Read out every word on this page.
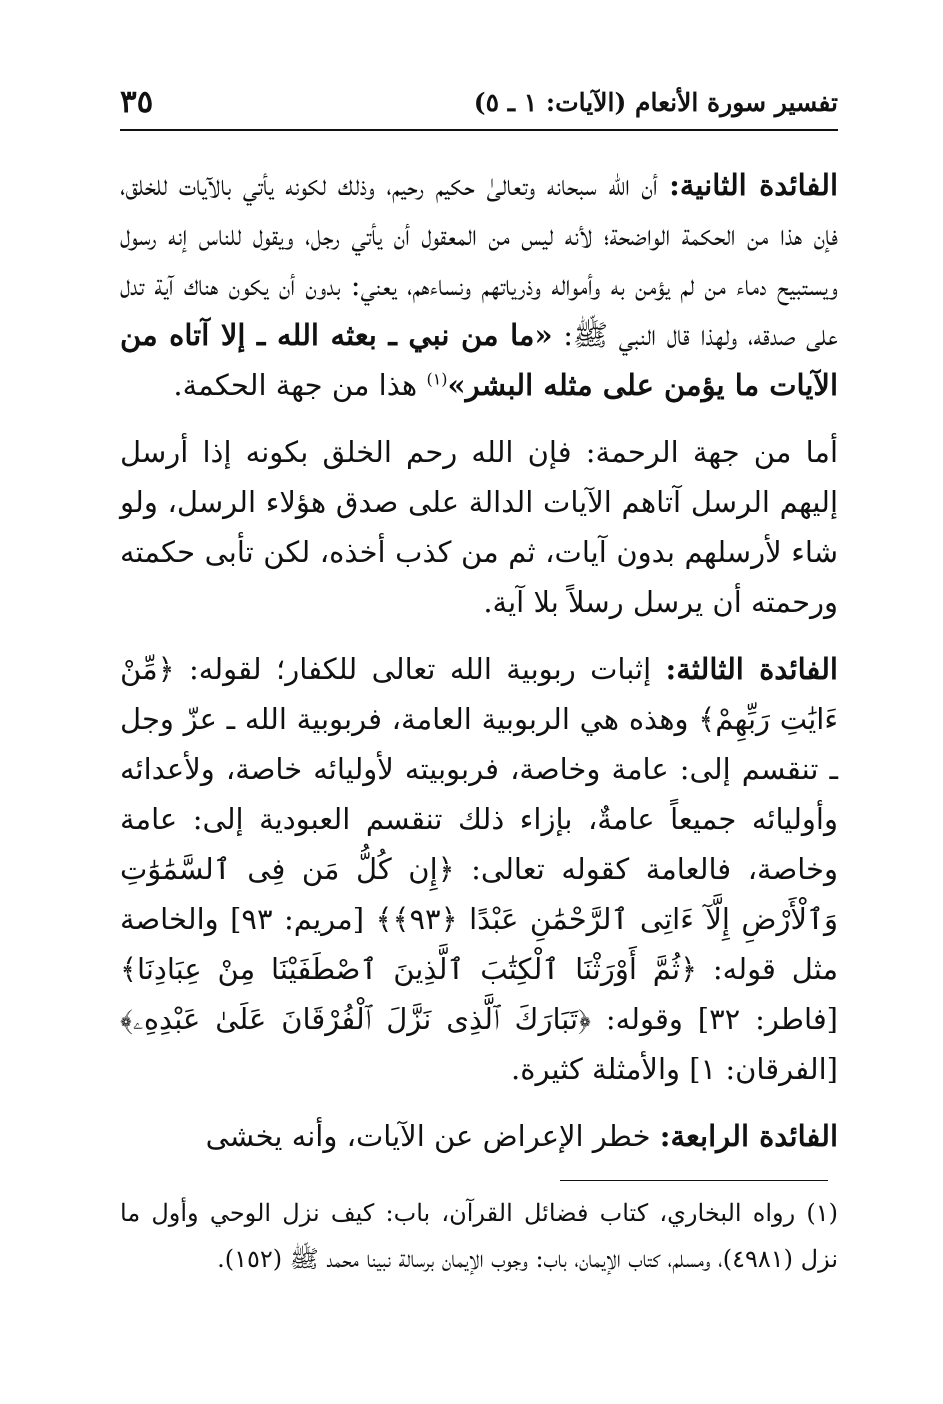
تفسير سورة الأنعام (الآيات: ١ ـ ٥)
٣٥

الفائدة الثانية: أن الله سبحانه وتعالىٰ حكيم رحيم، وذلك لكونه يأتي بالآيات للخلق، فإن هذا من الحكمة الواضحة؛ لأنه ليس من المعقول أن يأتي رجل، ويقول للناس إنه رسول ويستبيح دماء من لم يؤمن به وأمواله وذرياتهم ونساءهم، يعني: بدون أن يكون هناك آية تدل على صدقه، ولهذا قال النبي ﷺ: «ما من نبي ـ بعثه الله ـ إلا آتاه من الآيات ما يؤمن على مثله البشر»$^{(١)}$ هذا من جهة الحكمة.

أما من جهة الرحمة: فإن الله رحم الخلق بكونه إذا أرسل إليهم الرسل آتاهم الآيات الدالة على صدق هؤلاء الرسل، ولو شاء لأرسلهم بدون آيات، ثم من كذب أخذه، لكن تأبى حكمته ورحمته أن يرسل رسلاً بلا آية.

الفائدة الثالثة: إثبات ربوبية الله تعالى للكفار؛ لقوله: ﴿مِّنْ ءَايَٰتِ رَبِّهِمْ﴾ وهذه هي الربوبية العامة، فربوبية الله ـ عزّ وجل ـ تنقسم إلى: عامة وخاصة، فربوبيته لأوليائه خاصة، ولأعدائه وأوليائه جميعاً عامةٌ، بإزاء ذلك تنقسم العبودية إلى: عامة وخاصة، فالعامة كقوله تعالى: ﴿إِن كُلُّ مَن فِى ٱلسَّمَٰوَٰتِ وَٱلْأَرْضِ إِلَّآ ءَاتِى ٱلرَّحْمَٰنِ عَبْدًا ﴿٩٣﴾﴾ [مريم: ٩٣] والخاصة مثل قوله: ﴿ثُمَّ أَوْرَثْنَا ٱلْكِتَٰبَ ٱلَّذِينَ ٱصْطَفَيْنَا مِنْ عِبَادِنَا﴾ [فاطر: ٣٢] وقوله: ﴿تَبَارَكَ ٱلَّذِى نَزَّلَ ٱلْفُرْقَانَ عَلَىٰ عَبْدِهِۦ﴾ [الفرقان: ١] والأمثلة كثيرة.

الفائدة الرابعة: خطر الإعراض عن الآيات، وأنه يخشى

(١) رواه البخاري، كتاب فضائل القرآن، باب: كيف نزل الوحي وأول ما نزل (٤٩٨١)، ومسلم، كتاب الإيمان، باب: وجوب الإيمان برسالة نبينا محمد ﷺ (١٥٢).
